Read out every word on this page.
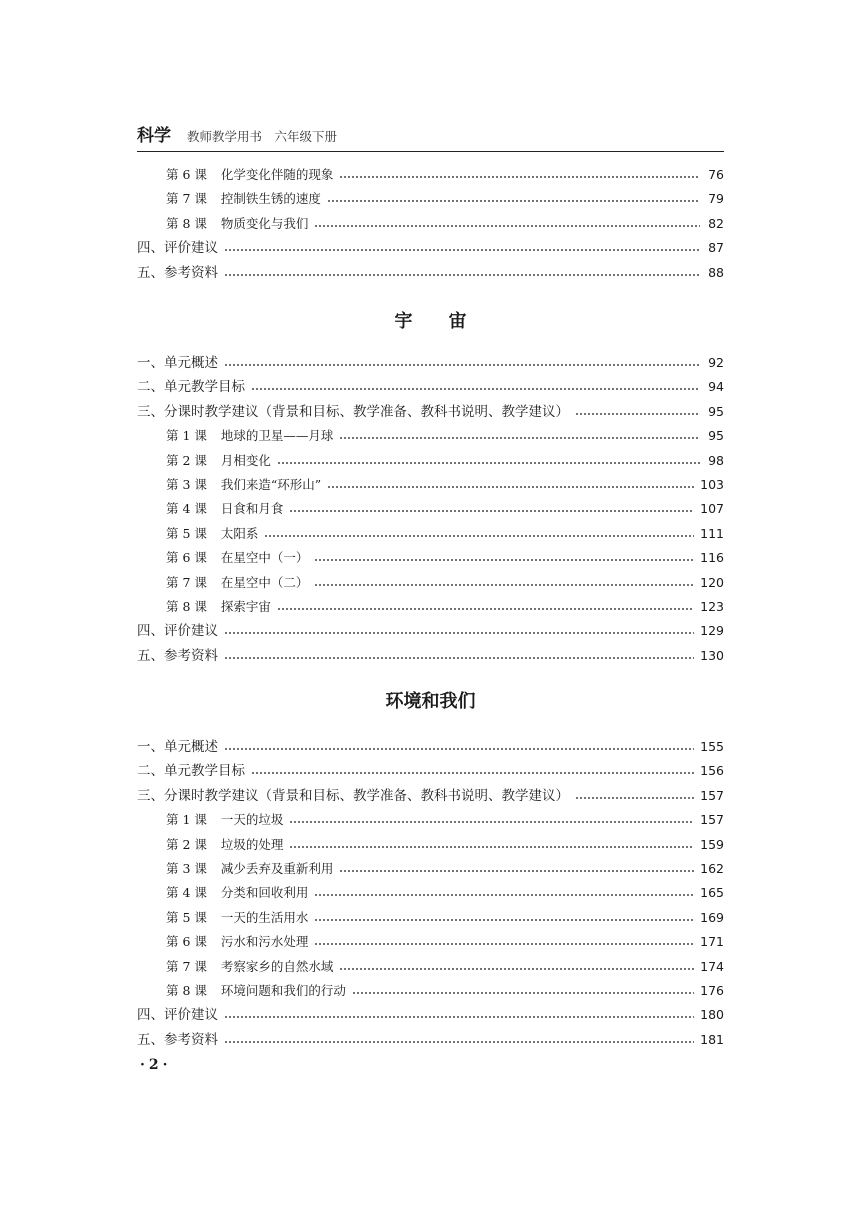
科学 教师教学用书　六年级下册
第 6 课 化学变化伴随的现象	76
第 7 课 控制铁生锈的速度	79
第 8 课 物质变化与我们	82
四、评价建议	87
五、参考资料	88
宇宙
一、单元概述	92
二、单元教学目标	94
三、分课时教学建议（背景和目标、教学准备、教科书说明、教学建议）	95
第 1 课 地球的卫星——月球	95
第 2 课 月相变化	98
第 3 课 我们来造“环形山”	103
第 4 课 日食和月食	107
第 5 课 太阳系	111
第 6 课 在星空中（一）	116
第 7 课 在星空中（二）	120
第 8 课 探索宇宙	123
四、评价建议	129
五、参考资料	130
环境和我们
一、单元概述	155
二、单元教学目标	156
三、分课时教学建议（背景和目标、教学准备、教科书说明、教学建议）	157
第 1 课 一天的垃圾	157
第 2 课 垃圾的处理	159
第 3 课 减少丢弃及重新利用	162
第 4 课 分类和回收利用	165
第 5 课 一天的生活用水	169
第 6 课 污水和污水处理	171
第 7 课 考察家乡的自然水域	174
第 8 课 环境问题和我们的行动	176
四、评价建议	180
五、参考资料	181
·2·
